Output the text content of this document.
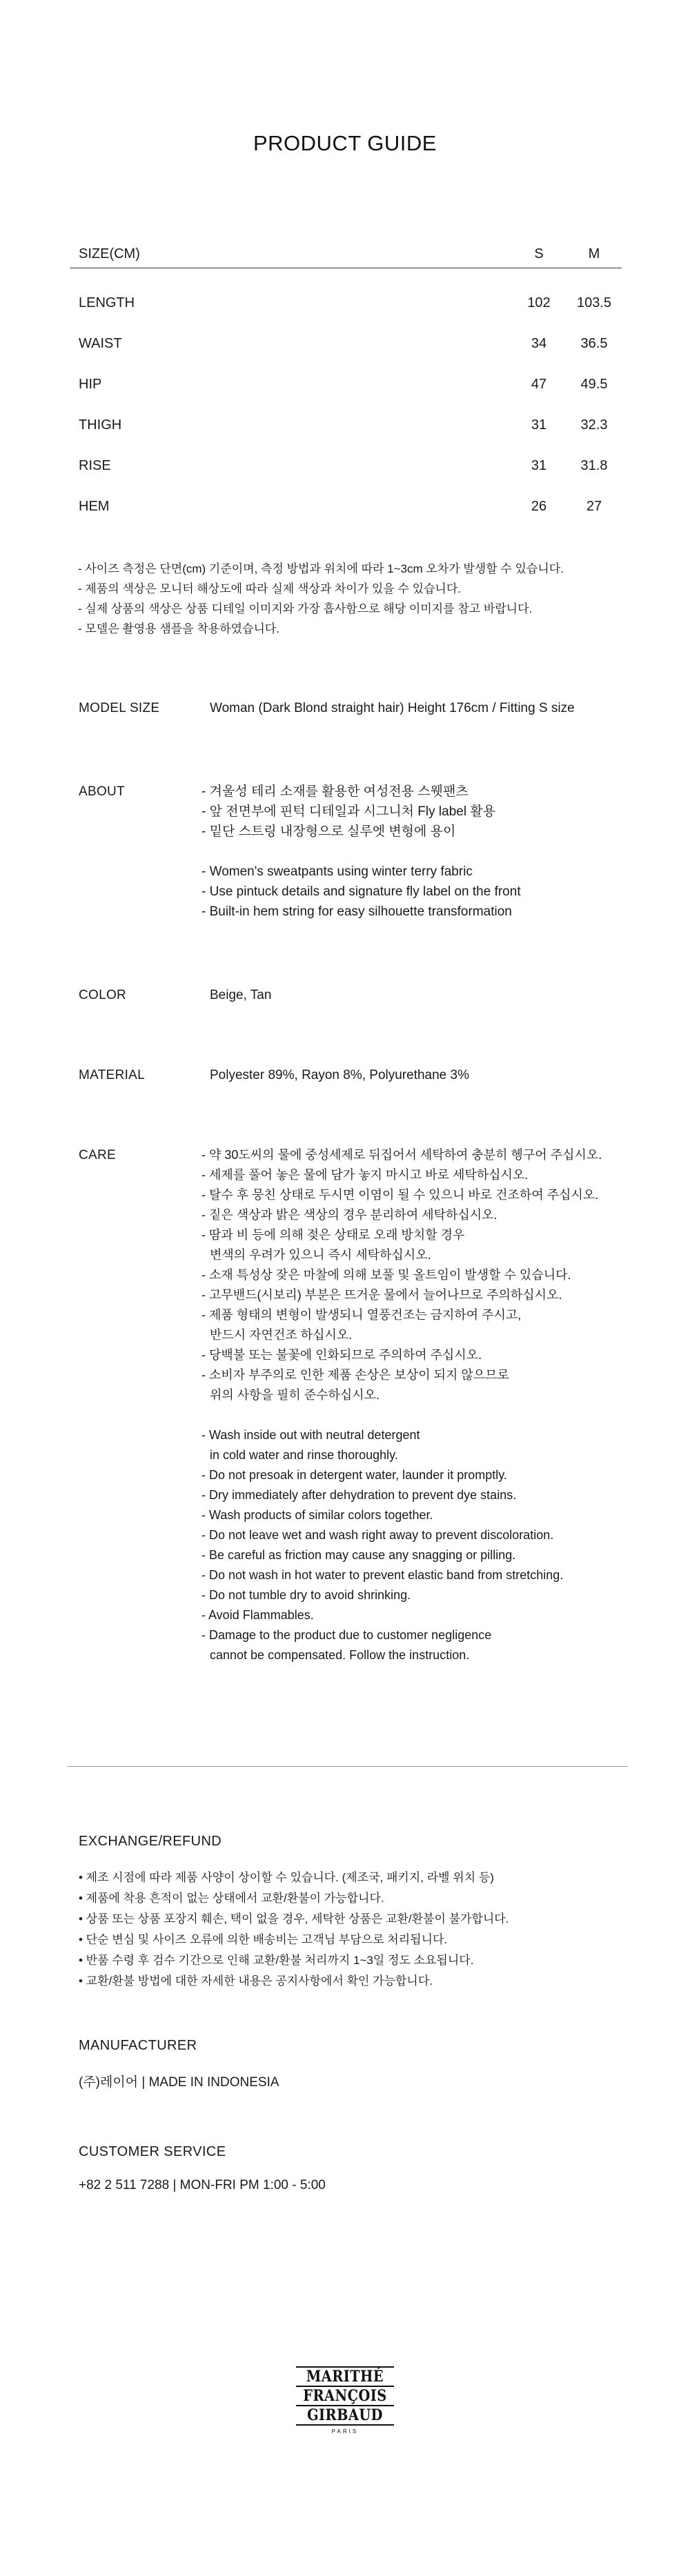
PRODUCT GUIDE
SIZE(CM)	S	M
LENGTH	102	103.5
WAIST	34	36.5
HIP	47	49.5
THIGH	31	32.3
RISE	31	31.8
HEM	26	27
- 사이즈 측정은 단면(cm) 기준이며, 측정 방법과 위치에 따라 1~3cm 오차가 발생할 수 있습니다.
- 제품의 색상은 모니터 해상도에 따라 실제 색상과 차이가 있을 수 있습니다.
- 실제 상품의 색상은 상품 디테일 이미지와 가장 흡사함으로 해당 이미지를 참고 바랍니다.
- 모델은 촬영용 샘플을 착용하였습니다.
MODEL SIZE	Woman (Dark Blond straight hair) Height 176cm / Fitting S size
ABOUT	- 겨울성 테리 소재를 활용한 여성전용 스웻팬츠
- 앞 전면부에 핀턱 디테일과 시그니처 Fly label 활용
- 밑단 스트링 내장형으로 실루엣 변형에 용이
- Women's sweatpants using winter terry fabric
- Use pintuck details and signature fly label on the front
- Built-in hem string for easy silhouette transformation
COLOR	Beige, Tan
MATERIAL	Polyester 89%, Rayon 8%, Polyurethane 3%
CARE	- 약 30도씨의 물에 중성세제로 뒤집어서 세탁하여 충분히 헹구어 주십시오.
- 세제를 풀어 놓은 물에 담가 놓지 마시고 바로 세탁하십시오.
- 탈수 후 뭉친 상태로 두시면 이염이 될 수 있으니 바로 건조하여 주십시오.
- 짙은 색상과 밝은 색상의 경우 분리하여 세탁하십시오.
- 땀과 비 등에 의해 젖은 상태로 오래 방치할 경우
변색의 우려가 있으니 즉시 세탁하십시오.
- 소재 특성상 잦은 마찰에 의해 보풀 및 올트임이 발생할 수 있습니다.
- 고무밴드(시보리) 부분은 뜨거운 물에서 늘어나므로 주의하십시오.
- 제품 형태의 변형이 발생되니 열풍건조는 금지하여 주시고,
반드시 자연건조 하십시오.
- 당백불 또는 불꽃에 인화되므로 주의하여 주십시오.
- 소비자 부주의로 인한 제품 손상은 보상이 되지 않으므로
위의 사항을 필히 준수하십시오.
- Wash inside out with neutral detergent
in cold water and rinse thoroughly.
- Do not presoak in detergent water, launder it promptly.
- Dry immediately after dehydration to prevent dye stains.
- Wash products of similar colors together.
- Do not leave wet and wash right away to prevent discoloration.
- Be careful as friction may cause any snagging or pilling.
- Do not wash in hot water to prevent elastic band from stretching.
- Do not tumble dry to avoid shrinking.
- Avoid Flammables.
- Damage to the product due to customer negligence
cannot be compensated. Follow the instruction.
EXCHANGE/REFUND
• 제조 시점에 따라 제품 사양이 상이할 수 있습니다. (제조국, 패키지, 라벨 위치 등)
• 제품에 착용 흔적이 없는 상태에서 교환/환불이 가능합니다.
• 상품 또는 상품 포장지 훼손, 택이 없을 경우, 세탁한 상품은 교환/환불이 불가합니다.
• 단순 변심 및 사이즈 오류에 의한 배송비는 고객님 부담으로 처리됩니다.
• 반품 수령 후 검수 기간으로 인해 교환/환불 처리까지 1~3일 정도 소요됩니다.
• 교환/환불 방법에 대한 자세한 내용은 공지사항에서 확인 가능합니다.
MANUFACTURER
(주)레이어 | MADE IN INDONESIA
CUSTOMER SERVICE
+82 2 511 7288 | MON-FRI PM 1:00 - 5:00
MARITHÉ
FRANÇOIS
GIRBAUD
PARIS
